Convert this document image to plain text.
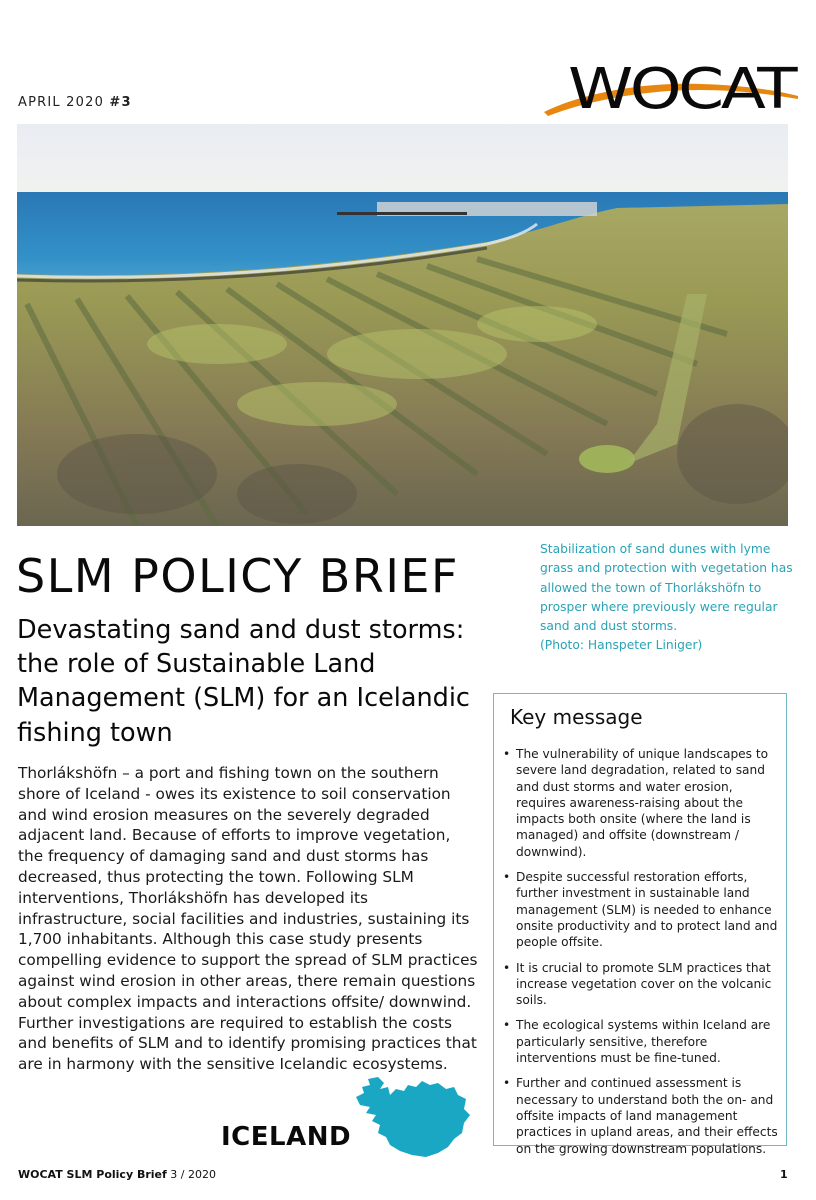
APRIL 2020 #3	WOCAT
Stabilization of sand dunes with lyme grass and protection with vegetation has allowed the town of Thorlákshöfn to prosper where previously were regular sand and dust storms.
(Photo: Hanspeter Liniger)
SLM POLICY BRIEF
Devastating sand and dust storms: the role of Sustainable Land Management (SLM) for an Icelandic fishing town
Thorlákshöfn – a port and fishing town on the southern shore of Iceland - owes its existence to soil conservation and wind erosion measures on the severely degraded adjacent land. Because of efforts to improve vegetation, the frequency of damaging sand and dust storms has decreased, thus protecting the town. Following SLM interventions, Thorlákshöfn has developed its infrastructure, social facilities and industries, sustaining its 1,700 inhabitants. Although this case study presents compelling evidence to support the spread of SLM practices against wind erosion in other areas, there remain questions about complex impacts and interactions offsite/ downwind. Further investigations are required to establish the costs and benefits of SLM and to identify promising practices that are in harmony with the sensitive Icelandic ecosystems.
Key message
• The vulnerability of unique landscapes to severe land degradation, related to sand and dust storms and water erosion, requires awareness-raising about the impacts both onsite (where the land is managed) and offsite (downstream / downwind).
• Despite successful restoration efforts, further investment in sustainable land management (SLM) is needed to enhance onsite productivity and to protect land and people offsite.
• It is crucial to promote SLM practices that increase vegetation cover on the volcanic soils.
• The ecological systems within Iceland are particularly sensitive, therefore interventions must be fine-tuned.
• Further and continued assessment is necessary to understand both the on- and offsite impacts of land management practices in upland areas, and their effects on the growing downstream populations.
ICELAND
WOCAT SLM Policy Brief 3 / 2020	1
